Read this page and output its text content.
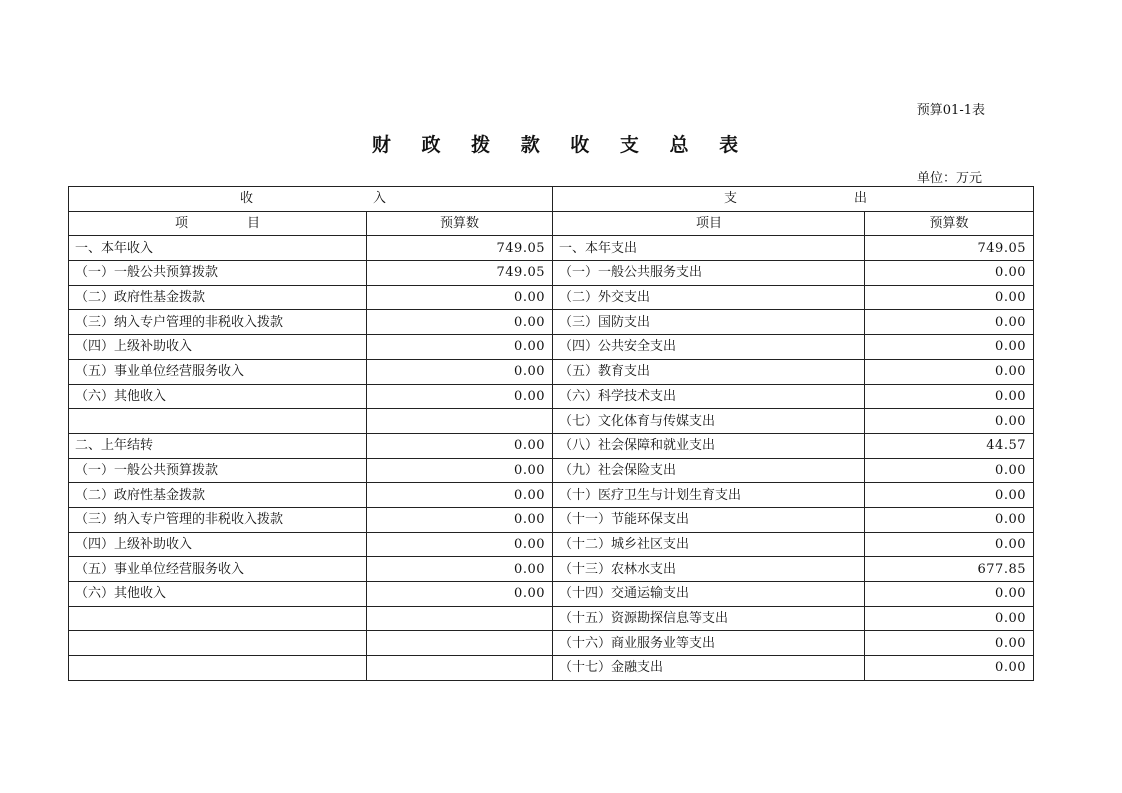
预算01-1表
财 政 拨 款 收 支 总 表
单位：万元
收 入		支 出	

项 目	预算数	项 目	预算数
一、本年收入	749.05	一、本年支出	749.05
（一）一般公共预算拨款	749.05	（一）一般公共服务支出	0.00
（二）政府性基金拨款	0.00	（二）外交支出	0.00
（三）纳入专户管理的非税收入拨款	0.00	（三）国防支出	0.00
（四）上级补助收入	0.00	（四）公共安全支出	0.00
（五）事业单位经营服务收入	0.00	（五）教育支出	0.00
（六）其他收入	0.00	（六）科学技术支出	0.00
		（七）文化体育与传媒支出	0.00
二、上年结转	0.00	（八）社会保障和就业支出	44.57
（一）一般公共预算拨款	0.00	（九）社会保险支出	0.00
（二）政府性基金拨款	0.00	（十）医疗卫生与计划生育支出	0.00
（三）纳入专户管理的非税收入拨款	0.00	（十一）节能环保支出	0.00
（四）上级补助收入	0.00	（十二）城乡社区支出	0.00
（五）事业单位经营服务收入	0.00	（十三）农林水支出	677.85
（六）其他收入	0.00	（十四）交通运输支出	0.00
		（十五）资源勘探信息等支出	0.00
		（十六）商业服务业等支出	0.00
		（十七）金融支出	0.00
